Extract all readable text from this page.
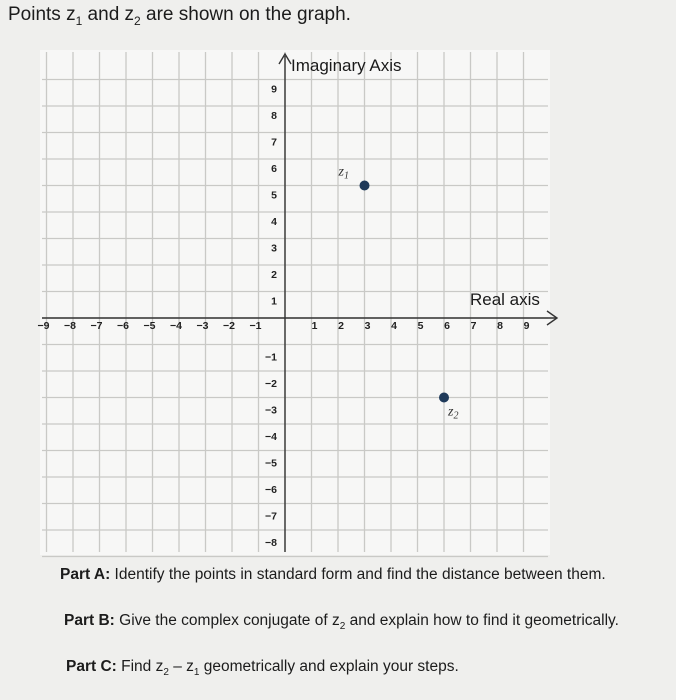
Points $z_1$ and $z_2$ are shown on the graph.
Real axis
Imaginary Axis
−9 −8 −7 −6 −5 −4 −3 −2 −1	1 2 3 4 5 6 7 8 9
9
8
7
6
5
4
3
2
1
−1
−2
−3
−4
−5
−6
−7
−8
$z_1$
$z_2$
Part A: Identify the points in standard form and find the distance between them.
Part B: Give the complex conjugate of $z_2$ and explain how to find it geometrically.
Part C: Find $z_2 - z_1$ geometrically and explain your steps.
